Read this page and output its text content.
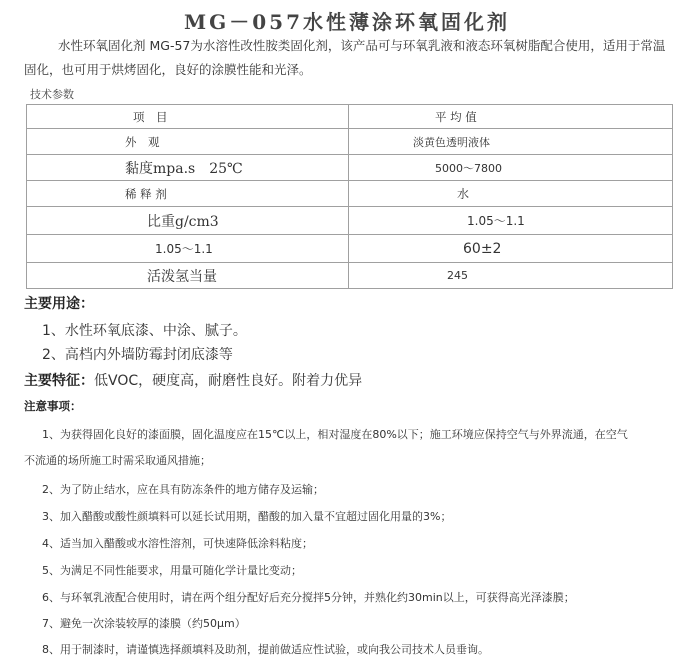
MG－057水性薄涂环氧固化剂
水性环氧固化剂 MG-57为水溶性改性胺类固化剂，该产品可与环氧乳液和液态环氧树脂配合使用，适用于常温固化，也可用于烘烤固化，良好的涂膜性能和光泽。
技术参数
项　目	平 均 值
外　观	淡黄色透明液体
黏度mpa.s　25℃	5000～7800
稀 释 剂	水
比重g/cm3	1.05～1.1
1.05～1.1	60±2
活泼氢当量	245
主要用途：
1、水性环氧底漆、中涂、腻子。
2、高档内外墙防霉封闭底漆等
主要特征：低VOC，硬度高，耐磨性良好。附着力优异
注意事项：
1、为获得固化良好的漆面膜，固化温度应在15℃以上，相对湿度在80%以下；施工环境应保持空气与外界流通，在空气
不流通的场所施工时需采取通风措施；
2、为了防止结水，应在具有防冻条件的地方储存及运输；
3、加入醋酸或酸性颜填料可以延长试用期，醋酸的加入量不宜超过固化用量的3%；
4、适当加入醋酸或水溶性溶剂，可快速降低涂料粘度；
5、为满足不同性能要求，用量可随化学计量比变动；
6、与环氧乳液配合使用时，请在两个组分配好后充分搅拌5分钟，并熟化约30min以上，可获得高光泽漆膜；
7、避免一次涂装较厚的漆膜（约50μm）
8、用于制漆时，请谨慎选择颜填料及助剂，提前做适应性试验，或向我公司技术人员垂询。
